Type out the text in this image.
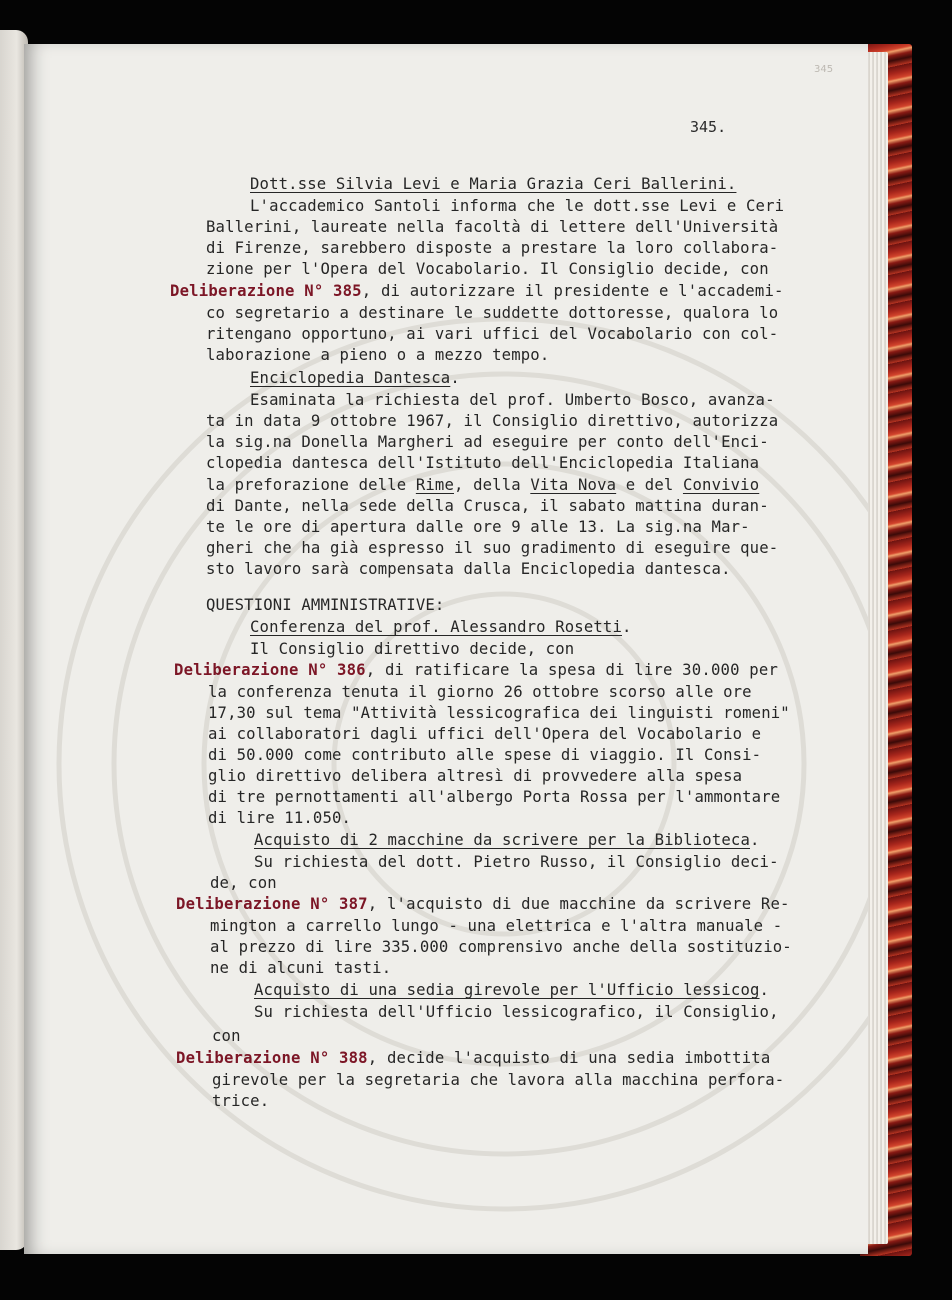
345
345.
Dott.sse Silvia Levi e Maria Grazia Ceri Ballerini.
L'accademico Santoli informa che le dott.sse Levi e Ceri
Ballerini, laureate nella facoltà di lettere dell'Università
di Firenze, sarebbero disposte a prestare la loro collabora-
zione per l'Opera del Vocabolario. Il Consiglio decide, con
Deliberazione N° 385, di autorizzare il presidente e l'accademi-
co segretario a destinare le suddette dottoresse, qualora lo
ritengano opportuno, ai vari uffici del Vocabolario con col-
laborazione a pieno o a mezzo tempo.
Enciclopedia Dantesca.
Esaminata la richiesta del prof. Umberto Bosco, avanza-
ta in data 9 ottobre 1967, il Consiglio direttivo, autorizza
la sig.na Donella Margheri ad eseguire per conto dell'Enci-
clopedia dantesca dell'Istituto dell'Enciclopedia Italiana
la preforazione delle Rime, della Vita Nova e del Convivio
di Dante, nella sede della Crusca, il sabato mattina duran-
te le ore di apertura dalle ore 9 alle 13. La sig.na Mar-
gheri che ha già espresso il suo gradimento di eseguire que-
sto lavoro sarà compensata dalla Enciclopedia dantesca.
QUESTIONI AMMINISTRATIVE:
Conferenza del prof. Alessandro Rosetti.
Il Consiglio direttivo decide, con
Deliberazione N° 386, di ratificare la spesa di lire 30.000 per
la conferenza tenuta il giorno 26 ottobre scorso alle ore
17,30 sul tema "Attività lessicografica dei linguisti romeni"
ai collaboratori dagli uffici dell'Opera del Vocabolario e
di 50.000 come contributo alle spese di viaggio. Il Consi-
glio direttivo delibera altresì di provvedere alla spesa
di tre pernottamenti all'albergo Porta Rossa per l'ammontare
di lire 11.050.
Acquisto di 2 macchine da scrivere per la Biblioteca.
Su richiesta del dott. Pietro Russo, il Consiglio deci-
de, con
Deliberazione N° 387, l'acquisto di due macchine da scrivere Re-
mington a carrello lungo - una elettrica e l'altra manuale -
al prezzo di lire 335.000 comprensivo anche della sostituzio-
ne di alcuni tasti.
Acquisto di una sedia girevole per l'Ufficio lessicog.
Su richiesta dell'Ufficio lessicografico, il Consiglio,
con
Deliberazione N° 388, decide l'acquisto di una sedia imbottita
girevole per la segretaria che lavora alla macchina perfora-
trice.
